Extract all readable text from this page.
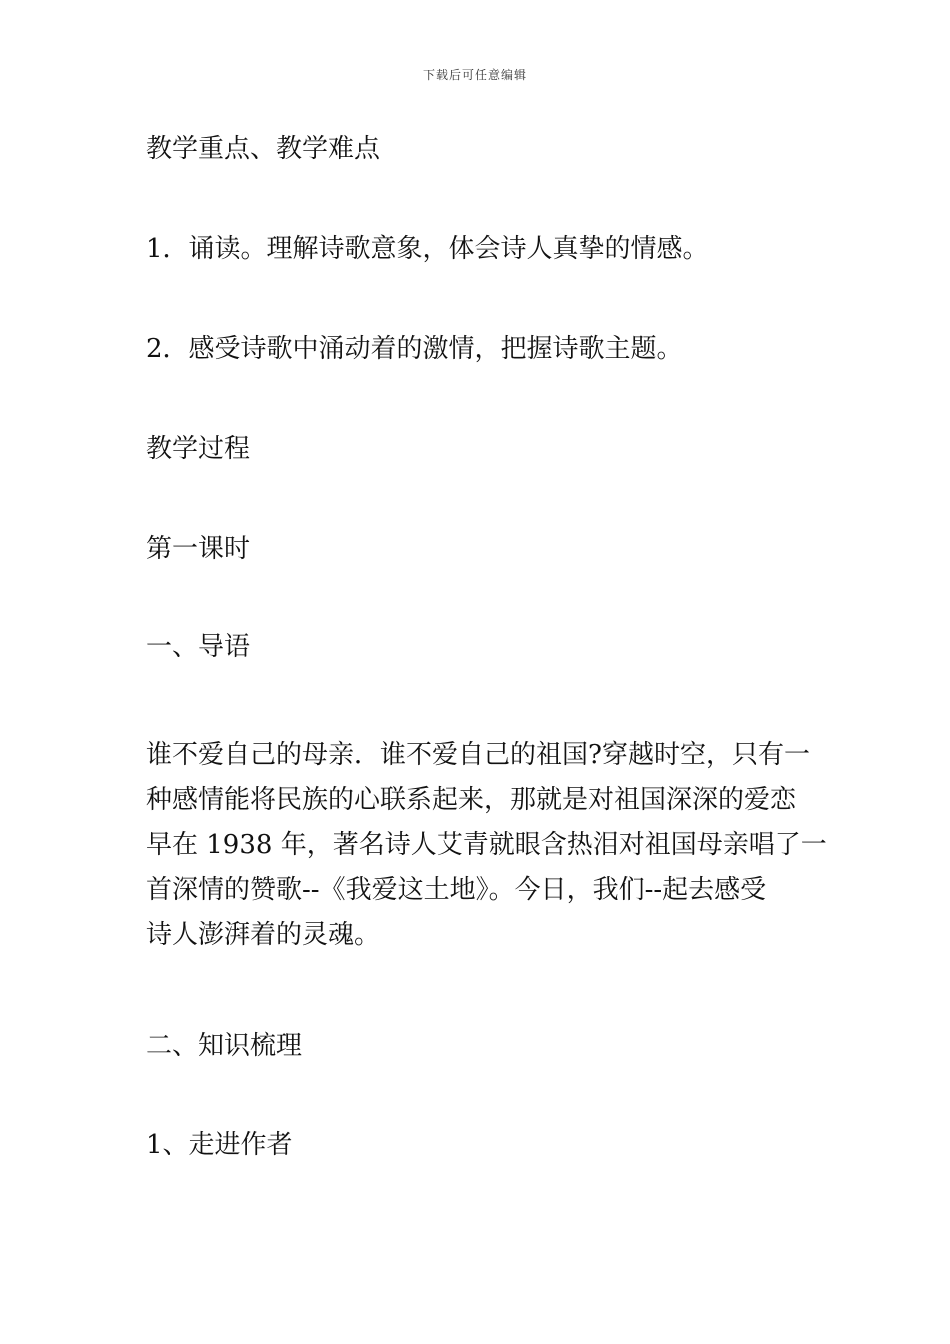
下载后可任意编辑
教学重点、教学难点
1．诵读。理解诗歌意象，体会诗人真挚的情感。
2．感受诗歌中涌动着的激情，把握诗歌主题。
教学过程
第一课时
一、导语
谁不爱自己的母亲．谁不爱自己的祖国?穿越时空，只有一
种感情能将民族的心联系起来，那就是对祖国深深的爱恋
早在 1938 年，著名诗人艾青就眼含热泪对祖国母亲唱了一
首深情的赞歌--《我爱这土地》。今日，我们--起去感受
诗人澎湃着的灵魂。
二、知识梳理
1、走进作者
